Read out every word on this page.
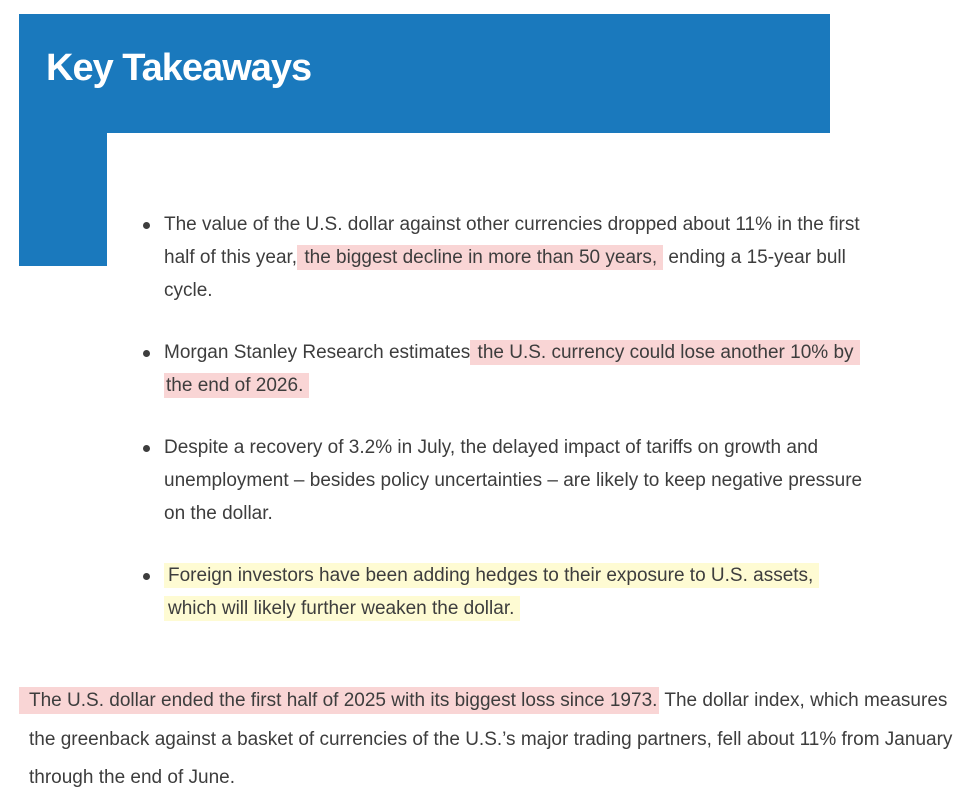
Key Takeaways
The value of the U.S. dollar against other currencies dropped about 11% in the first half of this year, the biggest decline in more than 50 years, ending a 15-year bull cycle.
Morgan Stanley Research estimates the U.S. currency could lose another 10% by the end of 2026.
Despite a recovery of 3.2% in July, the delayed impact of tariffs on growth and unemployment – besides policy uncertainties – are likely to keep negative pressure on the dollar.
Foreign investors have been adding hedges to their exposure to U.S. assets, which will likely further weaken the dollar.

The U.S. dollar ended the first half of 2025 with its biggest loss since 1973. The dollar index, which measures the greenback against a basket of currencies of the U.S.’s major trading partners, fell about 11% from January through the end of June.
